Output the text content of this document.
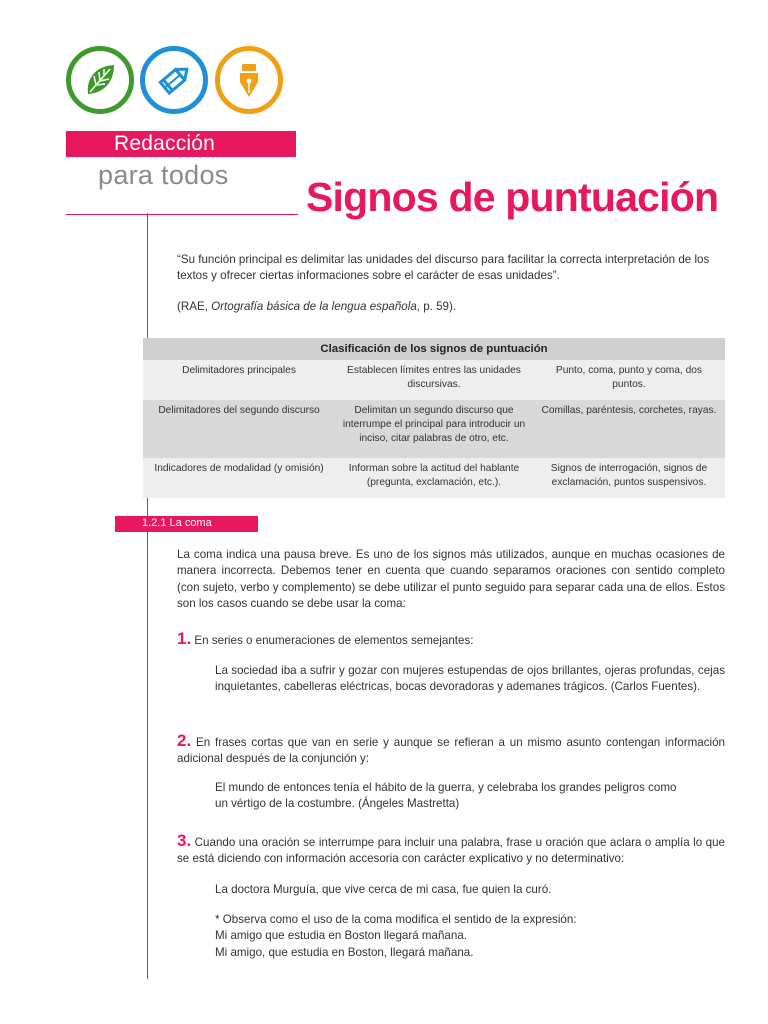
Redacción
para todos Signos de puntuación

“Su función principal es delimitar las unidades del discurso para facilitar la correcta interpretación de los textos y ofrecer ciertas informaciones sobre el carácter de esas unidades”.

(RAE, Ortografía básica de la lengua española, p. 59).

Clasificación de los signos de puntuación		
Delimitadores principales	Establecen límites entres las unidades discursivas.	Punto, coma, punto y coma, dos puntos.
Delimitadores del segundo discurso	Delimitan un segundo discurso que interrumpe el principal para introducir un inciso, citar palabras de otro, etc.	Comillas, paréntesis, corchetes, rayas.
Indicadores de modalidad (y omisión)	Informan sobre la actitud del hablante (pregunta, exclamación, etc.).	Signos de interrogación, signos de exclamación, puntos suspensivos.
1.2.1 La coma

La coma indica una pausa breve. Es uno de los signos más utilizados, aunque en muchas ocasiones de manera incorrecta. Debemos tener en cuenta que cuando separamos oraciones con sentido completo (con sujeto, verbo y complemento) se debe utilizar el punto seguido para separar cada una de ellos. Estos son los casos cuando se debe usar la coma:

1. En series o enumeraciones de elementos semejantes:

La sociedad iba a sufrir y gozar con mujeres estupendas de ojos brillantes, ojeras profundas, cejas inquietantes, cabelleras eléctricas, bocas devoradoras y ademanes trágicos. (Carlos Fuentes).

2. En frases cortas que van en serie y aunque se refieran a un mismo asunto contengan información adicional después de la conjunción y:

El mundo de entonces tenía el hábito de la guerra, y celebraba los grandes peligros como
un vértigo de la costumbre. (Ángeles Mastretta)

3. Cuando una oración se interrumpe para incluir una palabra, frase u oración que aclara o amplía lo que se está diciendo con información accesoria con carácter explicativo y no determinativo:

La doctora Murguía, que vive cerca de mi casa, fue quien la curó.

* Observa como el uso de la coma modifica el sentido de la expresión:
Mi amigo que estudia en Boston llegará mañana.
Mi amigo, que estudia en Boston, llegará mañana.
